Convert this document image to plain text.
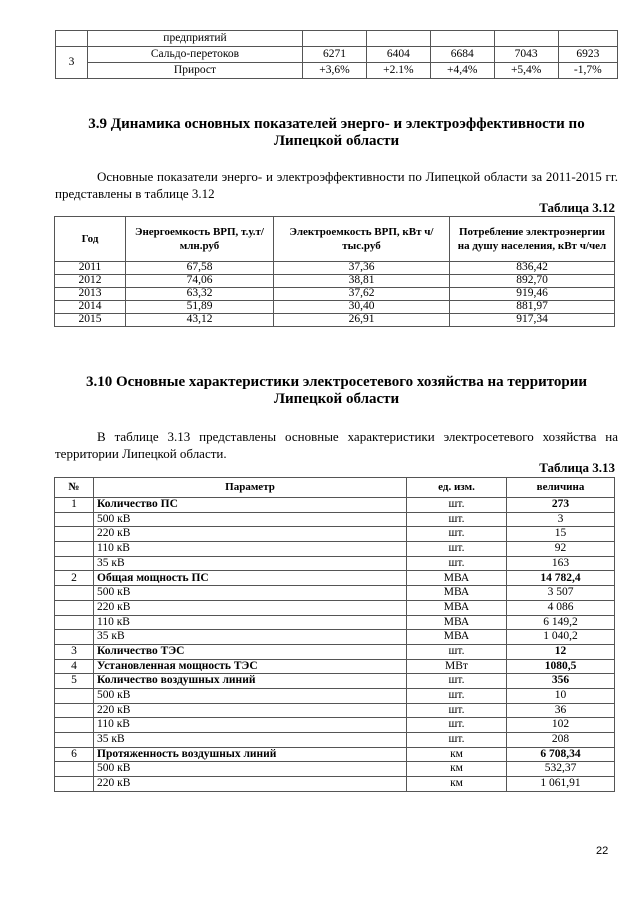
	предприятий					
3	Сальдо-перетоков	6271	6404	6684	7043	6923
	Прирост	+3,6%	+2.1%	+4,4%	+5,4%	-1,7%
3.9 Динамика основных показателей энерго- и электроэффективности по
Липецкой области
Основные показатели энерго- и электроэффективности по Липецкой области за 2011-2015 гг. представлены в таблице 3.12
Таблица 3.12
Год	Энергоемкость ВРП, т.у.т/млн.руб	Электроемкость ВРП, кВт ч/тыс.руб	Потребление электроэнергии на душу населения, кВт ч/чел
2011	67,58	37,36	836,42
2012	74,06	38,81	892,70
2013	63,32	37,62	919,46
2014	51,89	30,40	881,97
2015	43,12	26,91	917,34
3.10 Основные характеристики электросетевого хозяйства на территории
Липецкой области
В таблице 3.13 представлены основные характеристики электросетевого хозяйства на территории Липецкой области.
Таблица 3.13
№	Параметр	ед. изм.	величина
1	Количество ПС	шт.	273
	500 кВ	шт.	3
	220 кВ	шт.	15
	110 кВ	шт.	92
	35 кВ	шт.	163
2	Общая мощность ПС	МВА	14 782,4
	500 кВ	МВА	3 507
	220 кВ	МВА	4 086
	110 кВ	МВА	6 149,2
	35 кВ	МВА	1 040,2
3	Количество ТЭС	шт.	12
4	Установленная мощность ТЭС	МВт	1080,5
5	Количество воздушных линий	шт.	356
	500 кВ	шт.	10
	220 кВ	шт.	36
	110 кВ	шт.	102
	35 кВ	шт.	208
6	Протяженность воздушных линий	км	6 708,34
	500 кВ	км	532,37
	220 кВ	км	1 061,91
22
